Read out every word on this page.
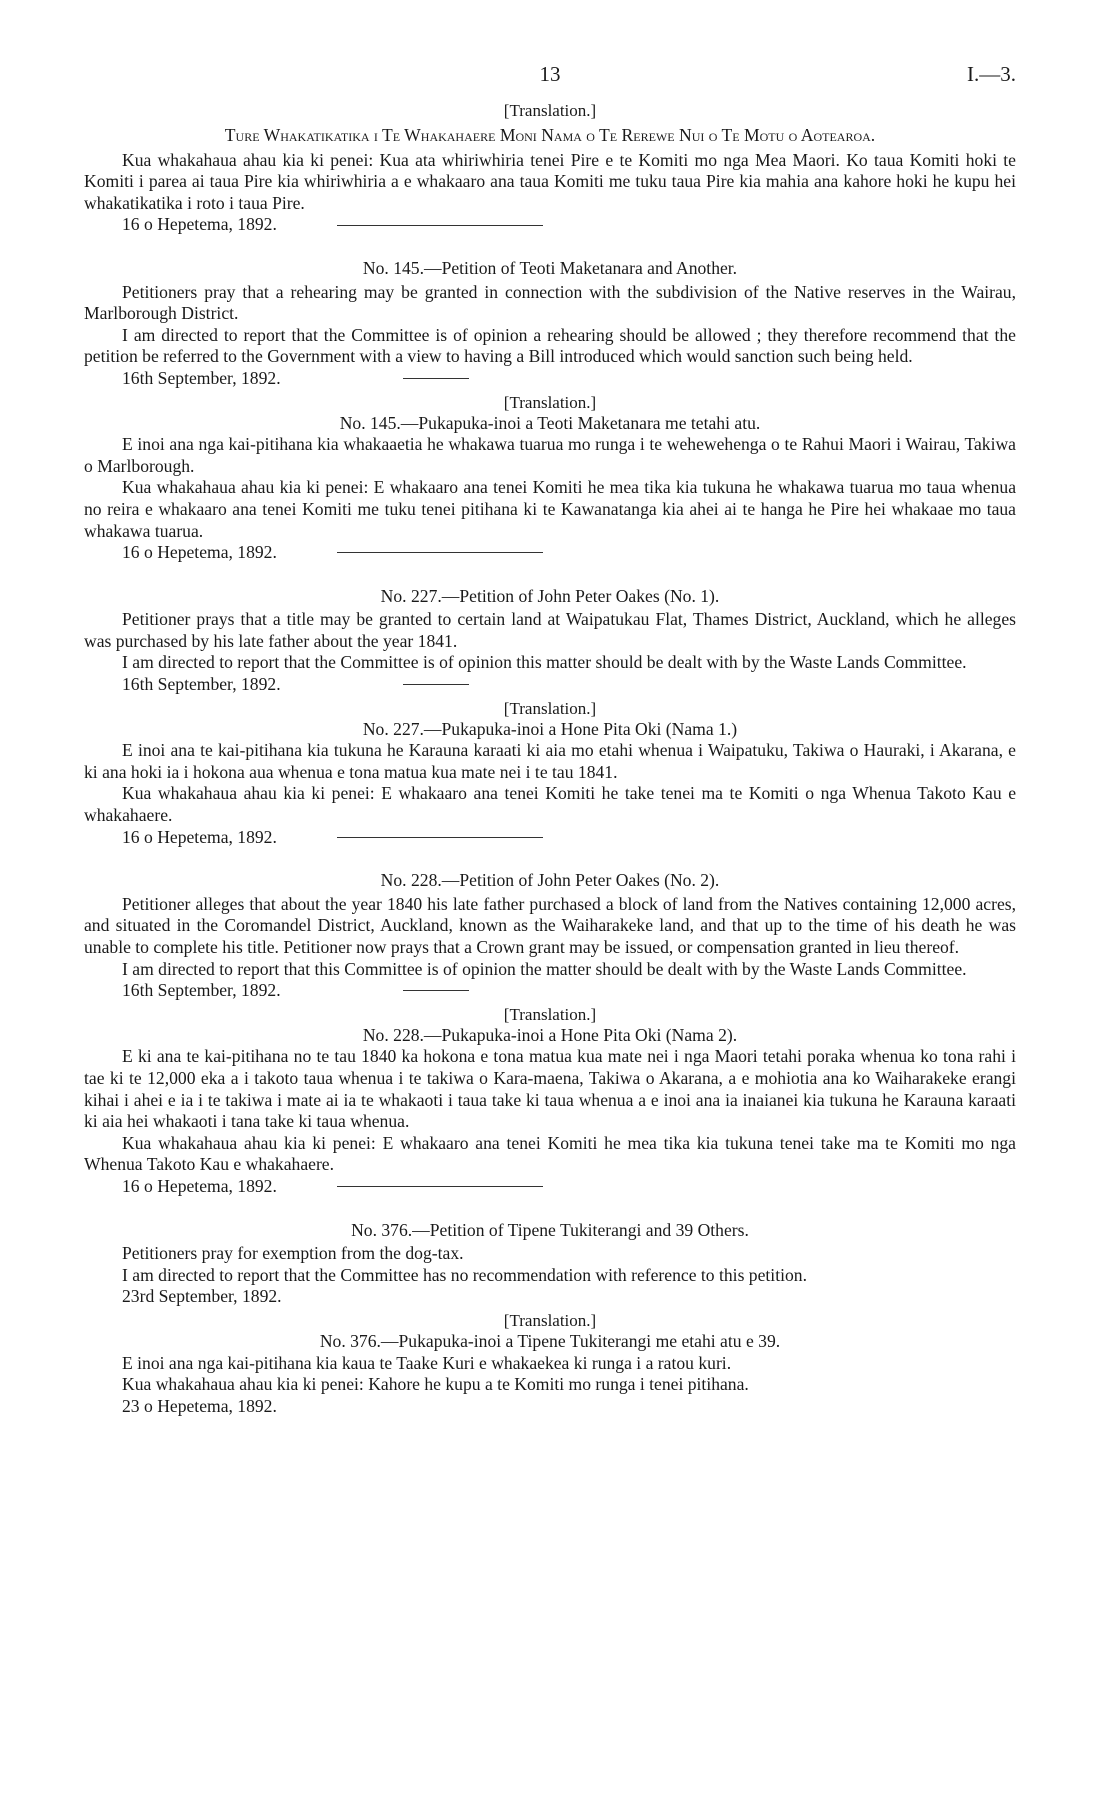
13	I.—3.
[Translation.]

Ture Whakatikatika i Te Whakahaere Moni Nama o Te Rerewe Nui o Te Motu o Aotearoa.

Kua whakahaua ahau kia ki penei: Kua ata whiriwhiria tenei Pire e te Komiti mo nga Mea Maori. Ko taua Komiti hoki te Komiti i parea ai taua Pire kia whiriwhiria a e whakaaro ana taua Komiti me tuku taua Pire kia mahia ana kahore hoki he kupu hei whakatikatika i roto i taua Pire.

16 o Hepetema, 1892.

No. 145.—Petition of Teoti Maketanara and Another.

Petitioners pray that a rehearing may be granted in connection with the subdivision of the Native reserves in the Wairau, Marlborough District.

I am directed to report that the Committee is of opinion a rehearing should be allowed ; they therefore recommend that the petition be referred to the Government with a view to having a Bill introduced which would sanction such being held.

16th September, 1892.
[Translation.]

No. 145.—Pukapuka-inoi a Teoti Maketanara me tetahi atu.

E inoi ana nga kai-pitihana kia whakaaetia he whakawa tuarua mo runga i te wehewehenga o te Rahui Maori i Wairau, Takiwa o Marlborough.

Kua whakahaua ahau kia ki penei: E whakaaro ana tenei Komiti he mea tika kia tukuna he whakawa tuarua mo taua whenua no reira e whakaaro ana tenei Komiti me tuku tenei pitihana ki te Kawanatanga kia ahei ai te hanga he Pire hei whakaae mo taua whakawa tuarua.

16 o Hepetema, 1892.

No. 227.—Petition of John Peter Oakes (No. 1).

Petitioner prays that a title may be granted to certain land at Waipatukau Flat, Thames District, Auckland, which he alleges was purchased by his late father about the year 1841.

I am directed to report that the Committee is of opinion this matter should be dealt with by the Waste Lands Committee.

16th September, 1892.
[Translation.]

No. 227.—Pukapuka-inoi a Hone Pita Oki (Nama 1.)

E inoi ana te kai-pitihana kia tukuna he Karauna karaati ki aia mo etahi whenua i Waipatuku, Takiwa o Hauraki, i Akarana, e ki ana hoki ia i hokona aua whenua e tona matua kua mate nei i te tau 1841.

Kua whakahaua ahau kia ki penei: E whakaaro ana tenei Komiti he take tenei ma te Komiti o nga Whenua Takoto Kau e whakahaere.

16 o Hepetema, 1892.

No. 228.—Petition of John Peter Oakes (No. 2).

Petitioner alleges that about the year 1840 his late father purchased a block of land from the Natives containing 12,000 acres, and situated in the Coromandel District, Auckland, known as the Waiharakeke land, and that up to the time of his death he was unable to complete his title. Petitioner now prays that a Crown grant may be issued, or compensation granted in lieu thereof.

I am directed to report that this Committee is of opinion the matter should be dealt with by the Waste Lands Committee.

16th September, 1892.
[Translation.]

No. 228.—Pukapuka-inoi a Hone Pita Oki (Nama 2).

E ki ana te kai-pitihana no te tau 1840 ka hokona e tona matua kua mate nei i nga Maori tetahi poraka whenua ko tona rahi i tae ki te 12,000 eka a i takoto taua whenua i te takiwa o Kara-maena, Takiwa o Akarana, a e mohiotia ana ko Waiharakeke erangi kihai i ahei e ia i te takiwa i mate ai ia te whakaoti i taua take ki taua whenua a e inoi ana ia inaianei kia tukuna he Karauna karaati ki aia hei whakaoti i tana take ki taua whenua.

Kua whakahaua ahau kia ki penei: E whakaaro ana tenei Komiti he mea tika kia tukuna tenei take ma te Komiti mo nga Whenua Takoto Kau e whakahaere.

16 o Hepetema, 1892.

No. 376.—Petition of Tipene Tukiterangi and 39 Others.

Petitioners pray for exemption from the dog-tax.

I am directed to report that the Committee has no recommendation with reference to this petition.

23rd September, 1892.
[Translation.]

No. 376.—Pukapuka-inoi a Tipene Tukiterangi me etahi atu e 39.

E inoi ana nga kai-pitihana kia kaua te Taake Kuri e whakaekea ki runga i a ratou kuri.

Kua whakahaua ahau kia ki penei: Kahore he kupu a te Komiti mo runga i tenei pitihana.

23 o Hepetema, 1892.
